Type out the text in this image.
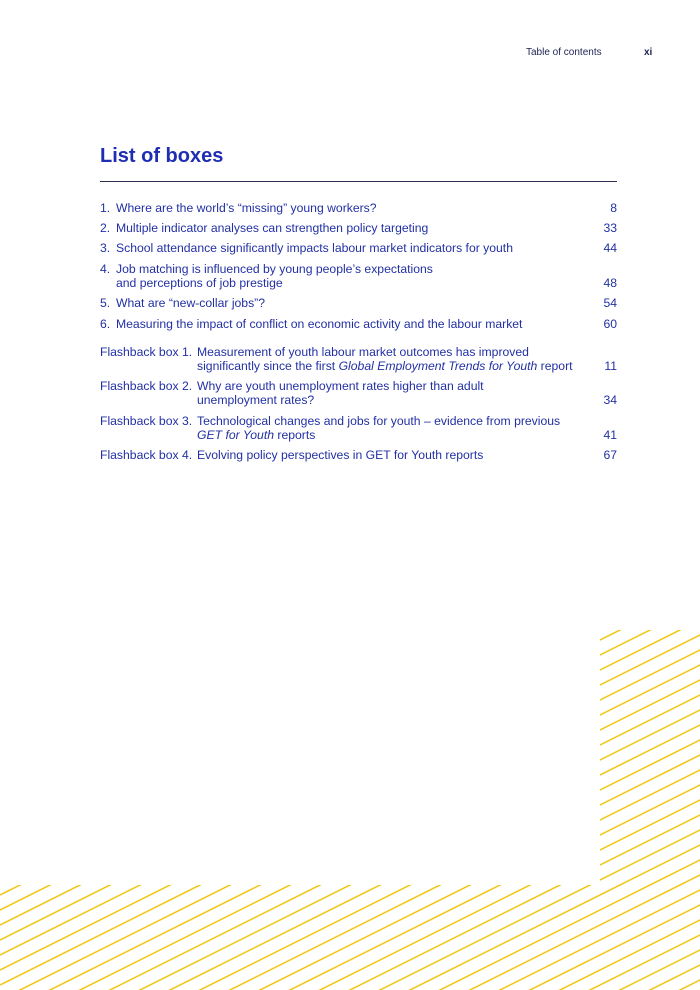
Table of contents	xi
List of boxes
1. Where are the world’s “missing” young workers?	8
2. Multiple indicator analyses can strengthen policy targeting	33
3. School attendance significantly impacts labour market indicators for youth	44
4. Job matching is influenced by young people’s expectations
and perceptions of job prestige	48
5. What are “new-collar jobs”?	54
6. Measuring the impact of conflict on economic activity and the labour market	60
Flashback box 1. Measurement of youth labour market outcomes has improved
significantly since the first Global Employment Trends for Youth report	11
Flashback box 2. Why are youth unemployment rates higher than adult
unemployment rates?	34
Flashback box 3. Technological changes and jobs for youth – evidence from previous
GET for Youth reports	41
Flashback box 4. Evolving policy perspectives in GET for Youth reports	67
